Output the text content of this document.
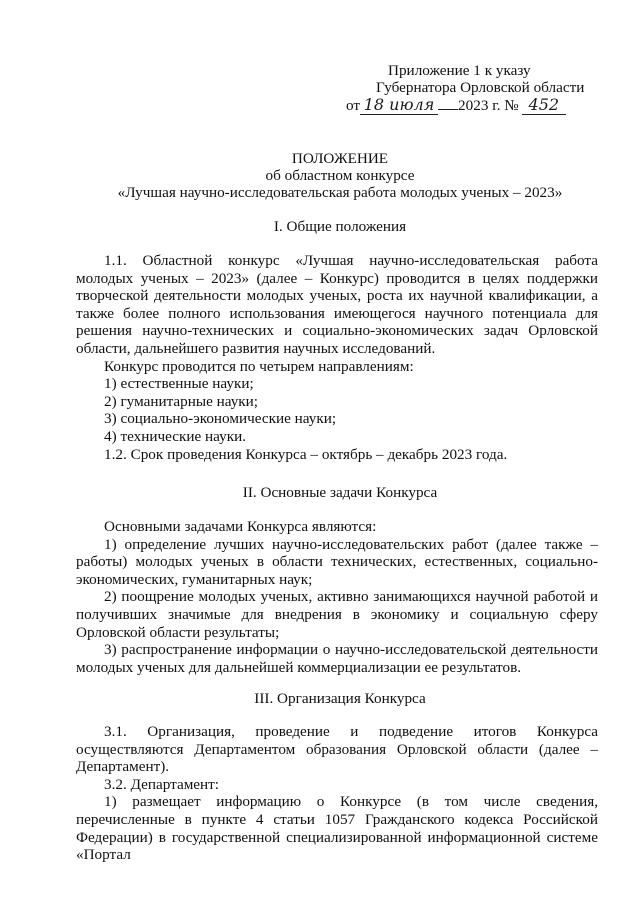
Приложение 1 к указу
Губернатора Орловской области
от 18 июля 2023 г. № 452
ПОЛОЖЕНИЕ
об областном конкурсе
«Лучшая научно-исследовательская работа молодых ученых – 2023»
I. Общие положения

1.1. Областной конкурс «Лучшая научно-исследовательская работа молодых ученых – 2023» (далее – Конкурс) проводится в целях поддержки творческой деятельности молодых ученых, роста их научной квалификации, а также более полного использования имеющегося научного потенциала для решения научно-технических и социально-экономических задач Орловской области, дальнейшего развития научных исследований.

Конкурс проводится по четырем направлениям:

1) естественные науки;

2) гуманитарные науки;

3) социально-экономические науки;

4) технические науки.

1.2. Срок проведения Конкурса – октябрь – декабрь 2023 года.

II. Основные задачи Конкурса

Основными задачами Конкурса являются:

1) определение лучших научно-исследовательских работ (далее также – работы) молодых ученых в области технических, естественных, социально-экономических, гуманитарных наук;

2) поощрение молодых ученых, активно занимающихся научной работой и получивших значимые для внедрения в экономику и социальную сферу Орловской области результаты;

3) распространение информации о научно-исследовательской деятельности молодых ученых для дальнейшей коммерциализации ее результатов.

III. Организация Конкурса

3.1. Организация, проведение и подведение итогов Конкурса осуществляются Департаментом образования Орловской области (далее – Департамент).

3.2. Департамент:

1) размещает информацию о Конкурсе (в том числе сведения, перечисленные в пункте 4 статьи 1057 Гражданского кодекса Российской Федерации) в государственной специализированной информационной системе «Портал
